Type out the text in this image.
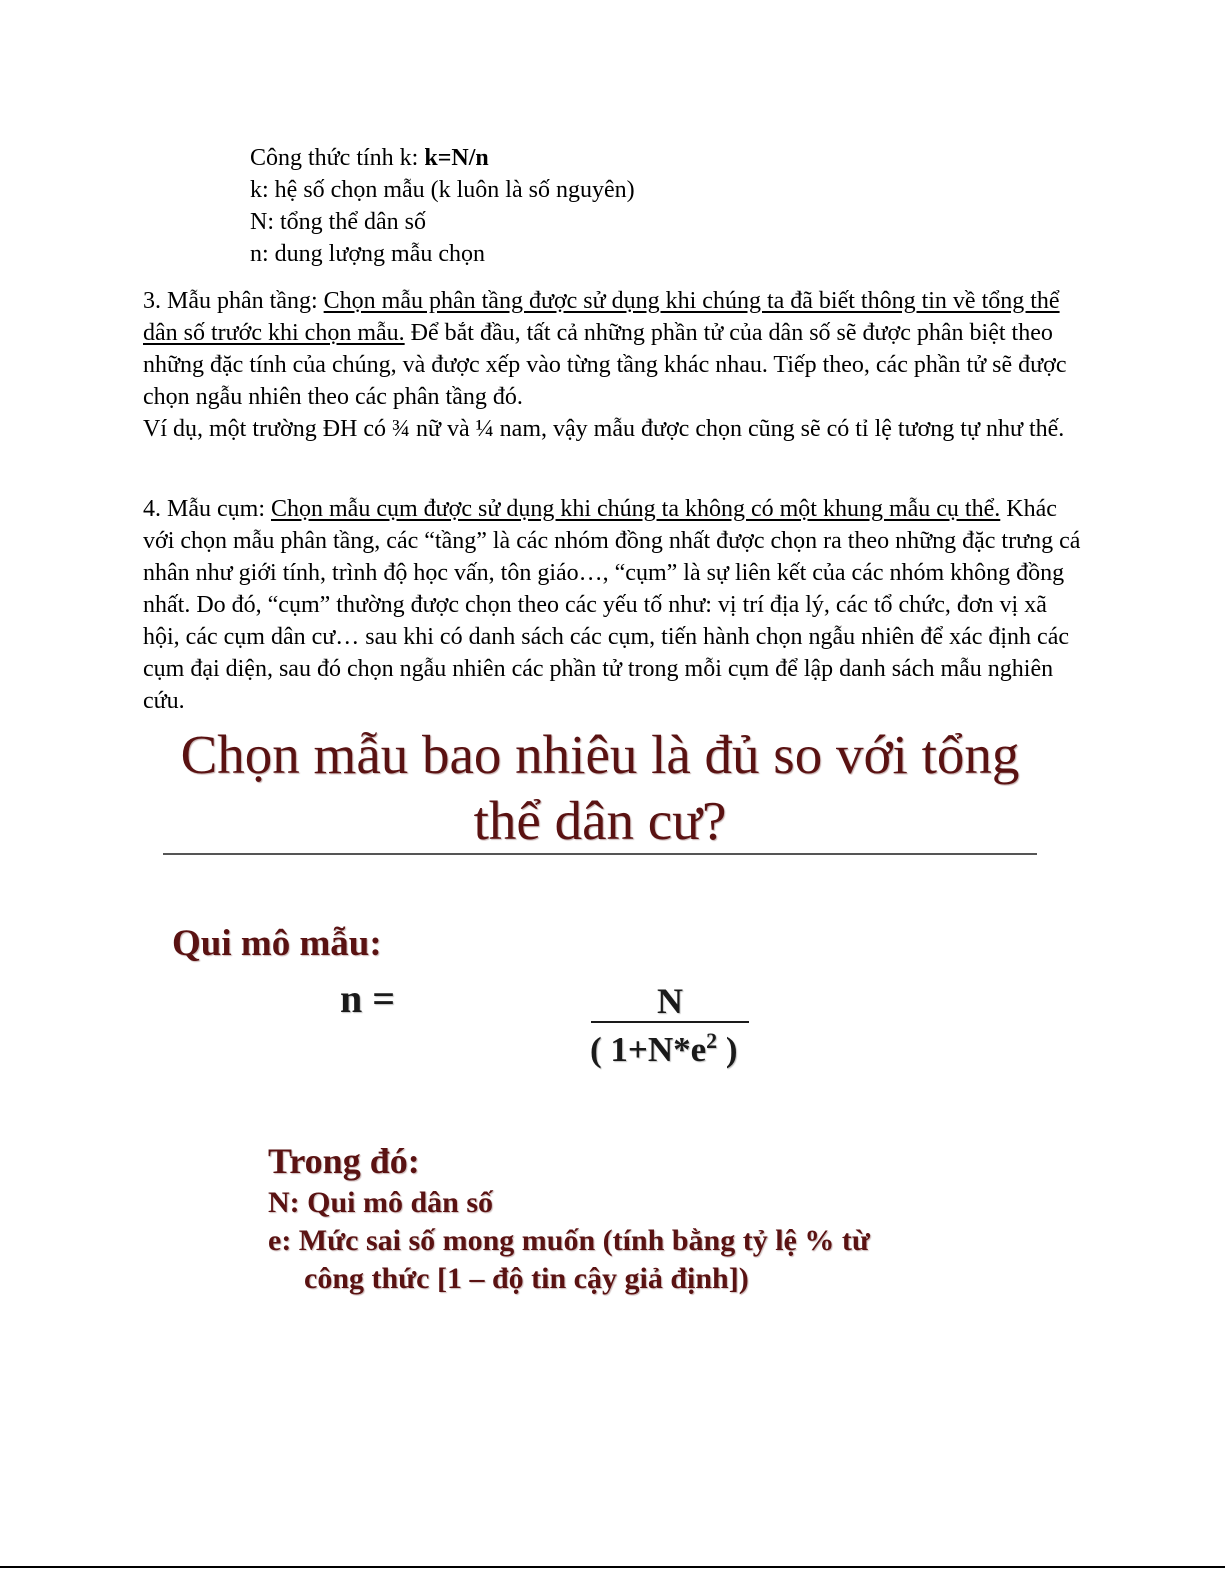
Công thức tính k: k=N/n
k: hệ số chọn mẫu (k luôn là số nguyên)
N: tổng thể dân số
n: dung lượng mẫu chọn
3. Mẫu phân tầng: Chọn mẫu phân tầng được sử dụng khi chúng ta đã biết thông tin về tổng thể dân số trước khi chọn mẫu. Để bắt đầu, tất cả những phần tử của dân số sẽ được phân biệt theo những đặc tính của chúng, và được xếp vào từng tầng khác nhau. Tiếp theo, các phần tử sẽ được chọn ngẫu nhiên theo các phân tầng đó.
Ví dụ, một trường ĐH có ¾ nữ và ¼ nam, vậy mẫu được chọn cũng sẽ có tỉ lệ tương tự như thế.
4. Mẫu cụm: Chọn mẫu cụm được sử dụng khi chúng ta không có một khung mẫu cụ thể. Khác với chọn mẫu phân tầng, các “tầng” là các nhóm đồng nhất được chọn ra theo những đặc trưng cá nhân như giới tính, trình độ học vấn, tôn giáo…, “cụm” là sự liên kết của các nhóm không đồng nhất. Do đó, “cụm” thường được chọn theo các yếu tố như: vị trí địa lý, các tổ chức, đơn vị xã hội, các cụm dân cư… sau khi có danh sách các cụm, tiến hành chọn ngẫu nhiên để xác định các cụm đại diện, sau đó chọn ngẫu nhiên các phần tử trong mỗi cụm để lập danh sách mẫu nghiên cứu.
Chọn mẫu bao nhiêu là đủ so với tổng
thể dân cư?
Qui mô mẫu:
n =	N
( $1+N*e^2$ )
Trong đó:
N: Qui mô dân số
e: Mức sai số mong muốn (tính bằng tỷ lệ % từ
công thức [1 – độ tin cậy giả định])
